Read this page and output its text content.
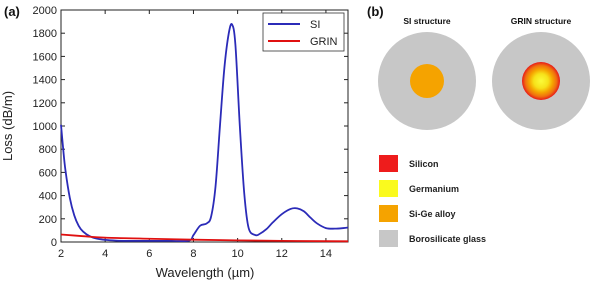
(a)
0
200
400
600
800
1000
1200
1400
1600
1800
2000
2	4	6	8	10	12	14
Loss (dB/m)
Wavelength (µm)
SI
GRIN
(b)
SI structure	GRIN structure
Silicon
Germanium
Si-Ge alloy
Borosilicate glass
